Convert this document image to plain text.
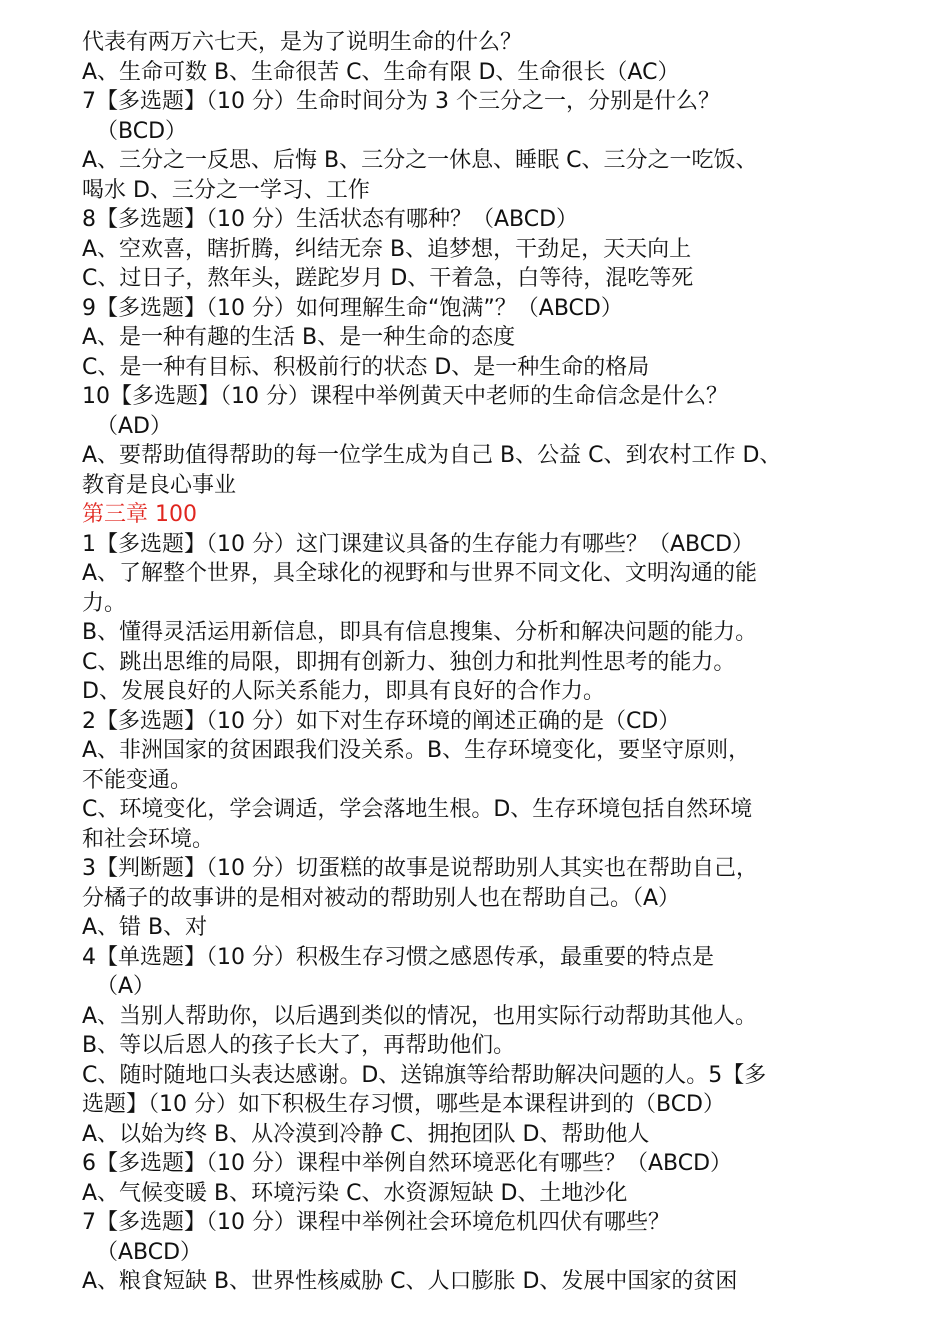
代表有两万六七天，是为了说明生命的什么？

A、生命可数 B、生命很苦 C、生命有限 D、生命很长（AC）

7【多选题】（10 分）生命时间分为 3 个三分之一，分别是什么？

（BCD）

A、三分之一反思、后悔 B、三分之一休息、睡眠 C、三分之一吃饭、

喝水 D、三分之一学习、工作

8【多选题】（10 分）生活状态有哪种？（ABCD）

A、空欢喜，瞎折腾，纠结无奈 B、追梦想，干劲足，天天向上

C、过日子，熬年头，蹉跎岁月 D、干着急，白等待，混吃等死

9【多选题】（10 分）如何理解生命“饱满”？（ABCD）

A、是一种有趣的生活 B、是一种生命的态度

C、是一种有目标、积极前行的状态 D、是一种生命的格局

10【多选题】（10 分）课程中举例黄天中老师的生命信念是什么？

（AD）

A、要帮助值得帮助的每一位学生成为自己 B、公益 C、到农村工作 D、

教育是良心事业

第三章 100

1【多选题】（10 分）这门课建议具备的生存能力有哪些？（ABCD）

A、了解整个世界，具全球化的视野和与世界不同文化、文明沟通的能

力。

B、懂得灵活运用新信息，即具有信息搜集、分析和解决问题的能力。

C、跳出思维的局限，即拥有创新力、独创力和批判性思考的能力。

D、发展良好的人际关系能力，即具有良好的合作力。

2【多选题】（10 分）如下对生存环境的阐述正确的是（CD）

A、非洲国家的贫困跟我们没关系。B、生存环境变化，要坚守原则，

不能变通。

C、环境变化，学会调适，学会落地生根。D、生存环境包括自然环境

和社会环境。

3【判断题】（10 分）切蛋糕的故事是说帮助别人其实也在帮助自己，

分橘子的故事讲的是相对被动的帮助别人也在帮助自己。（A）

A、错 B、对

4【单选题】（10 分）积极生存习惯之感恩传承，最重要的特点是

（A）

A、当别人帮助你，以后遇到类似的情况，也用实际行动帮助其他人。

B、等以后恩人的孩子长大了，再帮助他们。

C、随时随地口头表达感谢。D、送锦旗等给帮助解决问题的人。5【多

选题】（10 分）如下积极生存习惯，哪些是本课程讲到的（BCD）

A、以始为终 B、从冷漠到冷静 C、拥抱团队 D、帮助他人

6【多选题】（10 分）课程中举例自然环境恶化有哪些？（ABCD）

A、气候变暖 B、环境污染 C、水资源短缺 D、土地沙化

7【多选题】（10 分）课程中举例社会环境危机四伏有哪些？

（ABCD）

A、粮食短缺 B、世界性核威胁 C、人口膨胀 D、发展中国家的贫困
